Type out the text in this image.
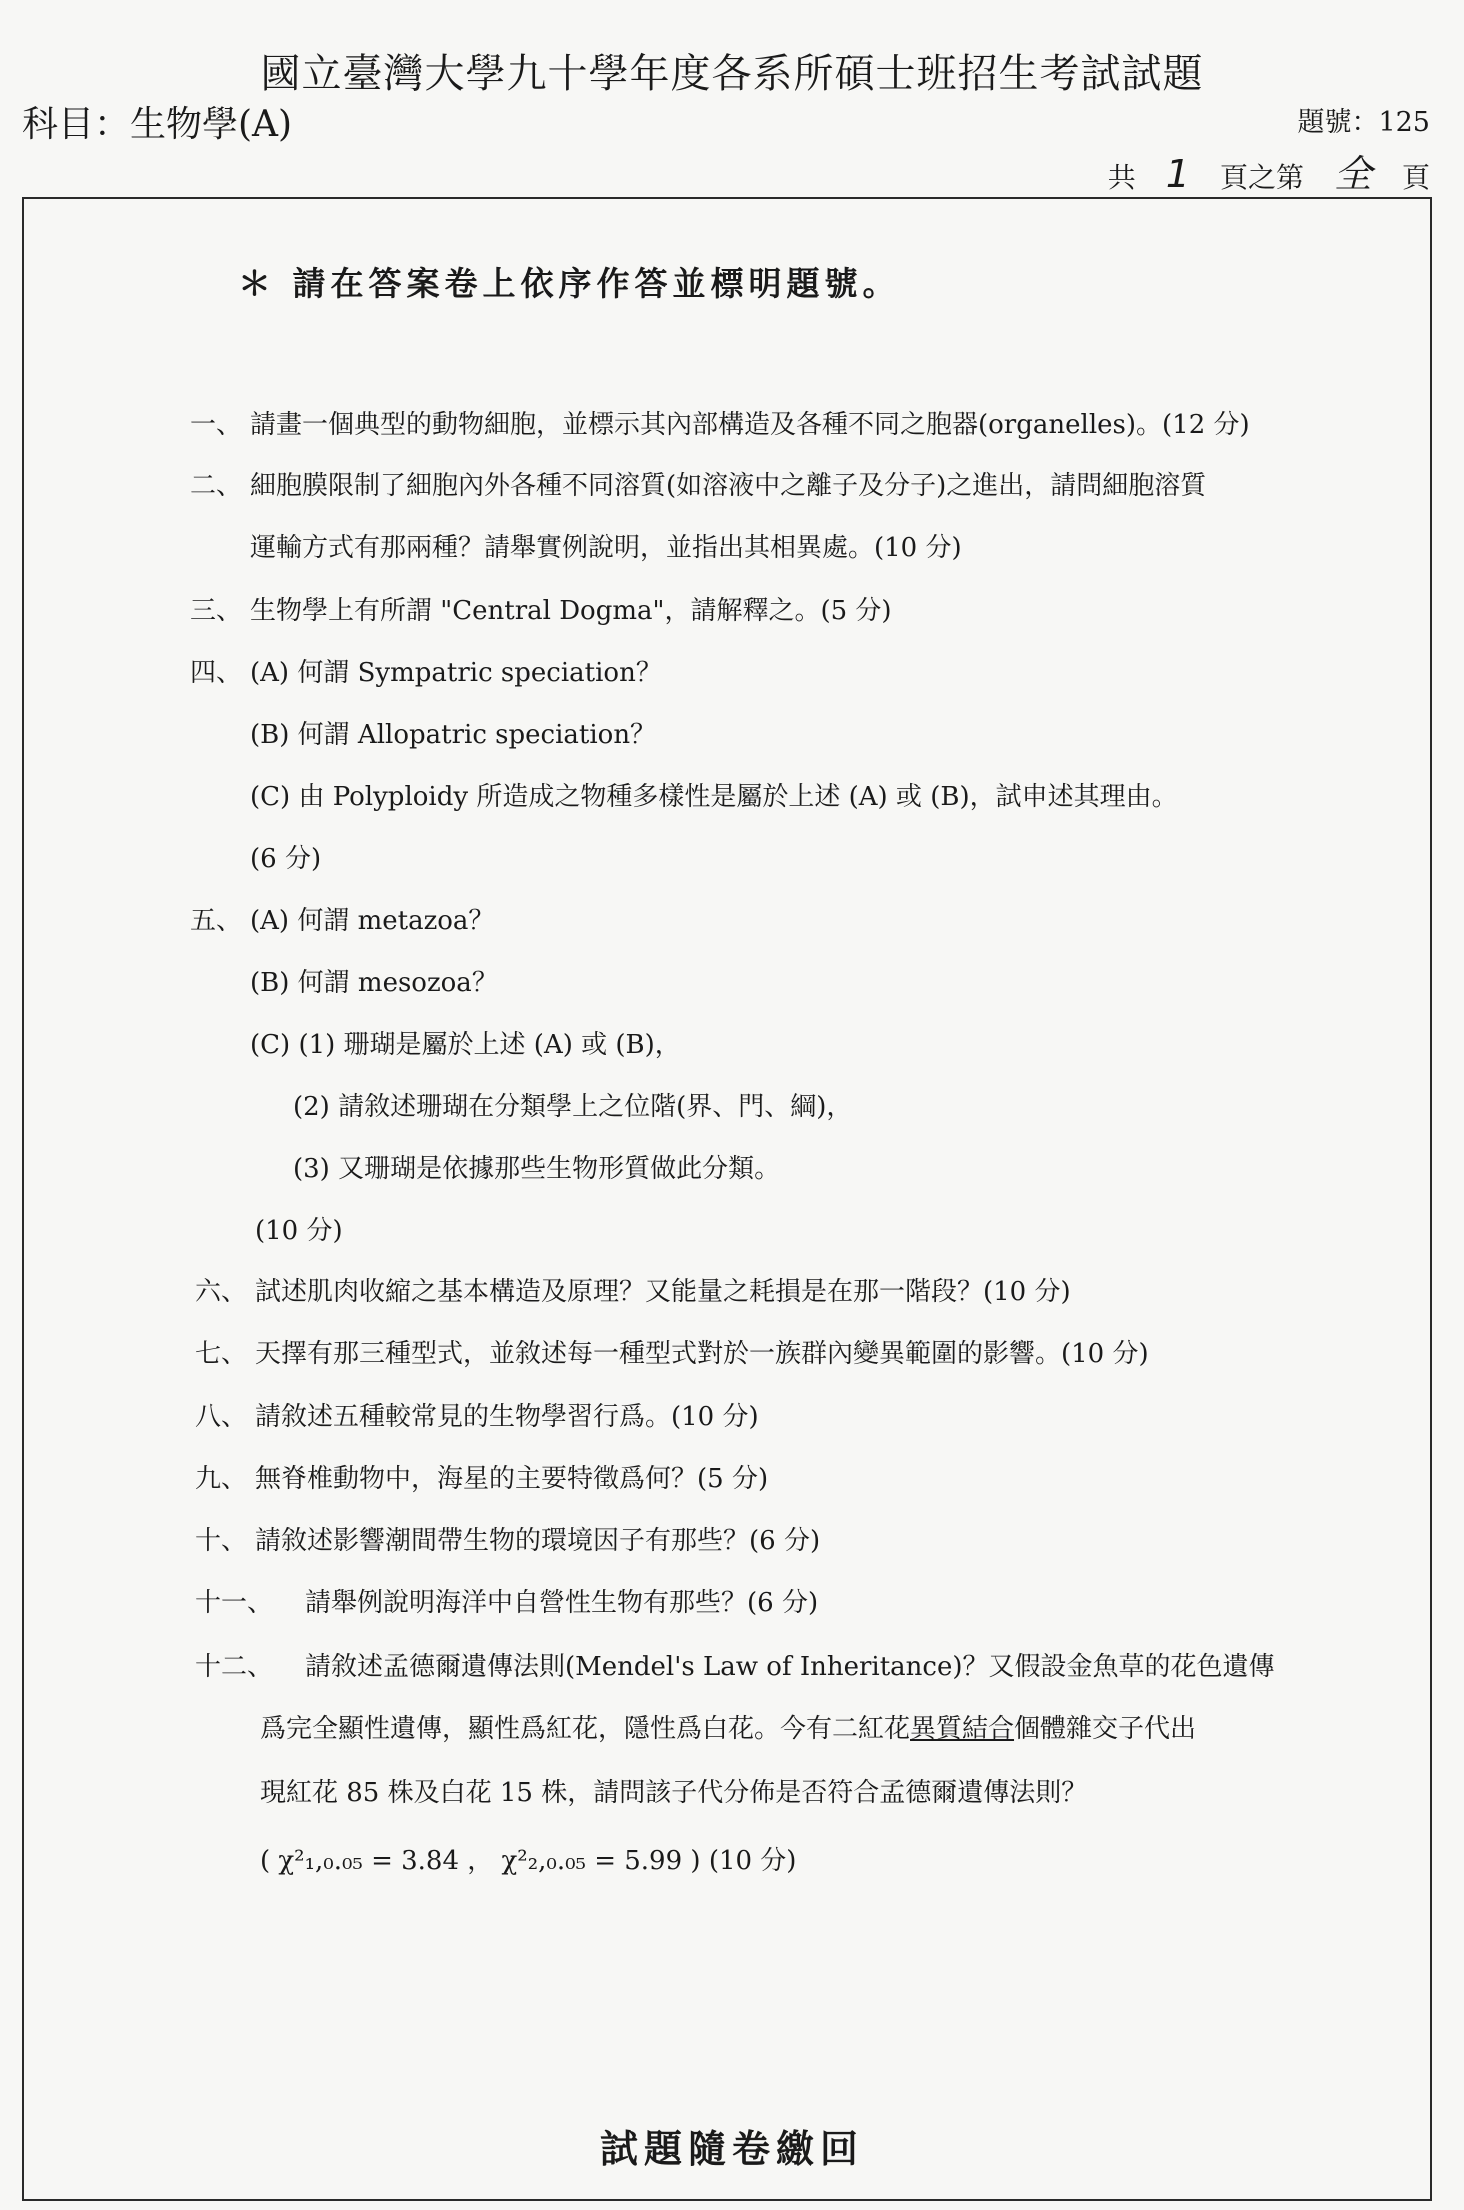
國立臺灣大學九十學年度各系所碩士班招生考試試題
科目：生物學(A)	題號：125
共 1	頁之第 全	頁
＊ 請在答案卷上依序作答並標明題號。
一、 請畫一個典型的動物細胞，並標示其內部構造及各種不同之胞器(organelles)。(12 分)
二、 細胞膜限制了細胞內外各種不同溶質(如溶液中之離子及分子)之進出，請問細胞溶質
運輸方式有那兩種？請舉實例說明，並指出其相異處。(10 分)
三、 生物學上有所謂 "Central Dogma"，請解釋之。(5 分)
四、 (A) 何謂 Sympatric speciation？
(B) 何謂 Allopatric speciation？
(C) 由 Polyploidy 所造成之物種多樣性是屬於上述 (A) 或 (B)，試申述其理由。
(6 分)
五、 (A) 何謂 metazoa？
(B) 何謂 mesozoa？
(C) (1) 珊瑚是屬於上述 (A) 或 (B)，
(2) 請敘述珊瑚在分類學上之位階(界、門、綱)，
(3) 又珊瑚是依據那些生物形質做此分類。
(10 分)
六、 試述肌肉收縮之基本構造及原理？又能量之耗損是在那一階段？(10 分)
七、 天擇有那三種型式，並敘述每一種型式對於一族群內變異範圍的影響。(10 分)
八、 請敘述五種較常見的生物學習行爲。(10 分)
九、 無脊椎動物中，海星的主要特徵爲何？(5 分)
十、 請敘述影響潮間帶生物的環境因子有那些？(6 分)
十一、 請舉例說明海洋中自營性生物有那些？(6 分)
十二、 請敘述孟德爾遺傳法則(Mendel's Law of Inheritance)？又假設金魚草的花色遺傳
爲完全顯性遺傳，顯性爲紅花，隱性爲白花。今有二紅花異質結合個體雜交子代出
現紅花 85 株及白花 15 株，請問該子代分佈是否符合孟德爾遺傳法則？
( χ²₁,₀.₀₅ = 3.84 ， χ²₂,₀.₀₅ = 5.99 ) (10 分)
試題隨卷繳回
